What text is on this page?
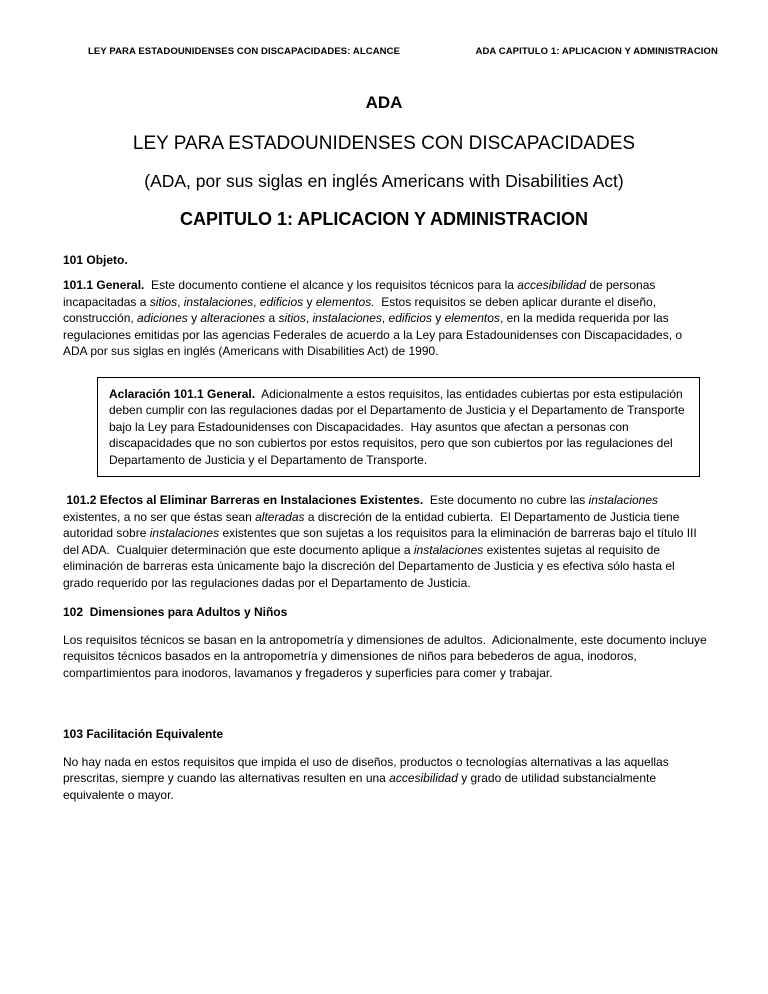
LEY PARA ESTADOUNIDENSES CON DISCAPACIDADES: ALCANCE	ADA CAPITULO 1: APLICACION Y ADMINISTRACION
ADA
LEY PARA ESTADOUNIDENSES CON DISCAPACIDADES
(ADA, por sus siglas en inglés Americans with Disabilities Act)
CAPITULO 1: APLICACION Y ADMINISTRACION
101 Objeto.
101.1 General.  Este documento contiene el alcance y los requisitos técnicos para la accesibilidad de personas incapacitadas a sitios, instalaciones, edificios y elementos.  Estos requisitos se deben aplicar durante el diseño, construcción, adiciones y alteraciones a sitios, instalaciones, edificios y elementos, en la medida requerida por las regulaciones emitidas por las agencias Federales de acuerdo a la Ley para Estadounidenses con Discapacidades, o ADA por sus siglas en inglés (Americans with Disabilities Act) de 1990.
Aclaración 101.1 General.  Adicionalmente a estos requisitos, las entidades cubiertas por esta estipulación deben cumplir con las regulaciones dadas por el Departamento de Justicia y el Departamento de Transporte bajo la Ley para Estadounidenses con Discapacidades.  Hay asuntos que afectan a personas con discapacidades que no son cubiertos por estos requisitos, pero que son cubiertos por las regulaciones del Departamento de Justicia y el Departamento de Transporte.
101.2 Efectos al Eliminar Barreras en Instalaciones Existentes.  Este documento no cubre las instalaciones existentes, a no ser que éstas sean alteradas a discreción de la entidad cubierta.  El Departamento de Justicia tiene autoridad sobre instalaciones existentes que son sujetas a los requisitos para la eliminación de barreras bajo el título III del ADA.  Cualquier determinación que este documento aplique a instalaciones existentes sujetas al requisito de eliminación de barreras esta únicamente bajo la discreción del Departamento de Justicia y es efectiva sólo hasta el grado requerido por las regulaciones dadas por el Departamento de Justicia.
102  Dimensiones para Adultos y Niños
Los requisitos técnicos se basan en la antropometría y dimensiones de adultos.  Adicionalmente, este documento incluye requisitos técnicos basados en la antropometría y dimensiones de niños para bebederos de agua, inodoros, compartimientos para inodoros, lavamanos y fregaderos y superficies para comer y trabajar.
103 Facilitación Equivalente
No hay nada en estos requisitos que impida el uso de diseños, productos o tecnologías alternativas a las aquellas prescritas, siempre y cuando las alternativas resulten en una accesibilidad y grado de utilidad substancialmente equivalente o mayor.
